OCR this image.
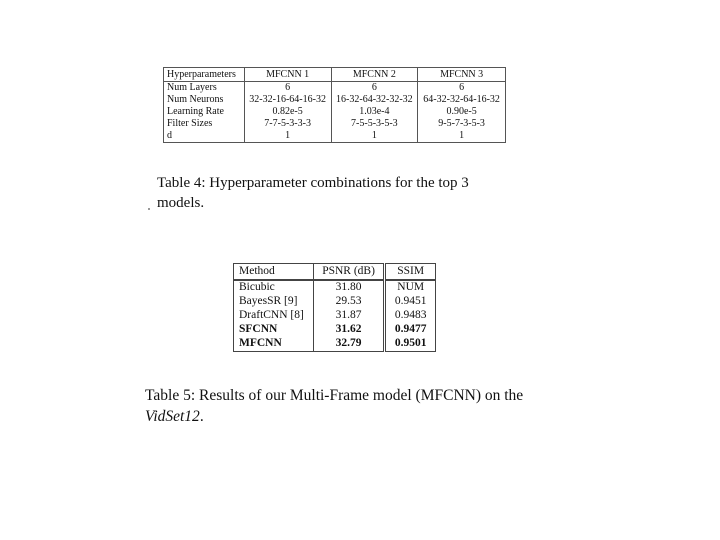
Hyperparameters	MFCNN 1	MFCNN 2	MFCNN 3
Num Layers	6	6	6
Num Neurons	32-32-16-64-16-32	16-32-64-32-32-32	64-32-32-64-16-32
Learning Rate	0.82e-5	1.03e-4	0.90e-5
Filter Sizes	7-7-5-3-3-3	7-5-5-3-5-3	9-5-7-3-5-3
d	1	1	1

Table 4: Hyperparameter combinations for the top 3 models.

Method	PSNR (dB)	SSIM
Bicubic	31.80	NUM
BayesSR [9]	29.53	0.9451
DraftCNN [8]	31.87	0.9483
SFCNN	31.62	0.9477
MFCNN	32.79	0.9501

Table 5: Results of our Multi-Frame model (MFCNN) on the VidSet12.
